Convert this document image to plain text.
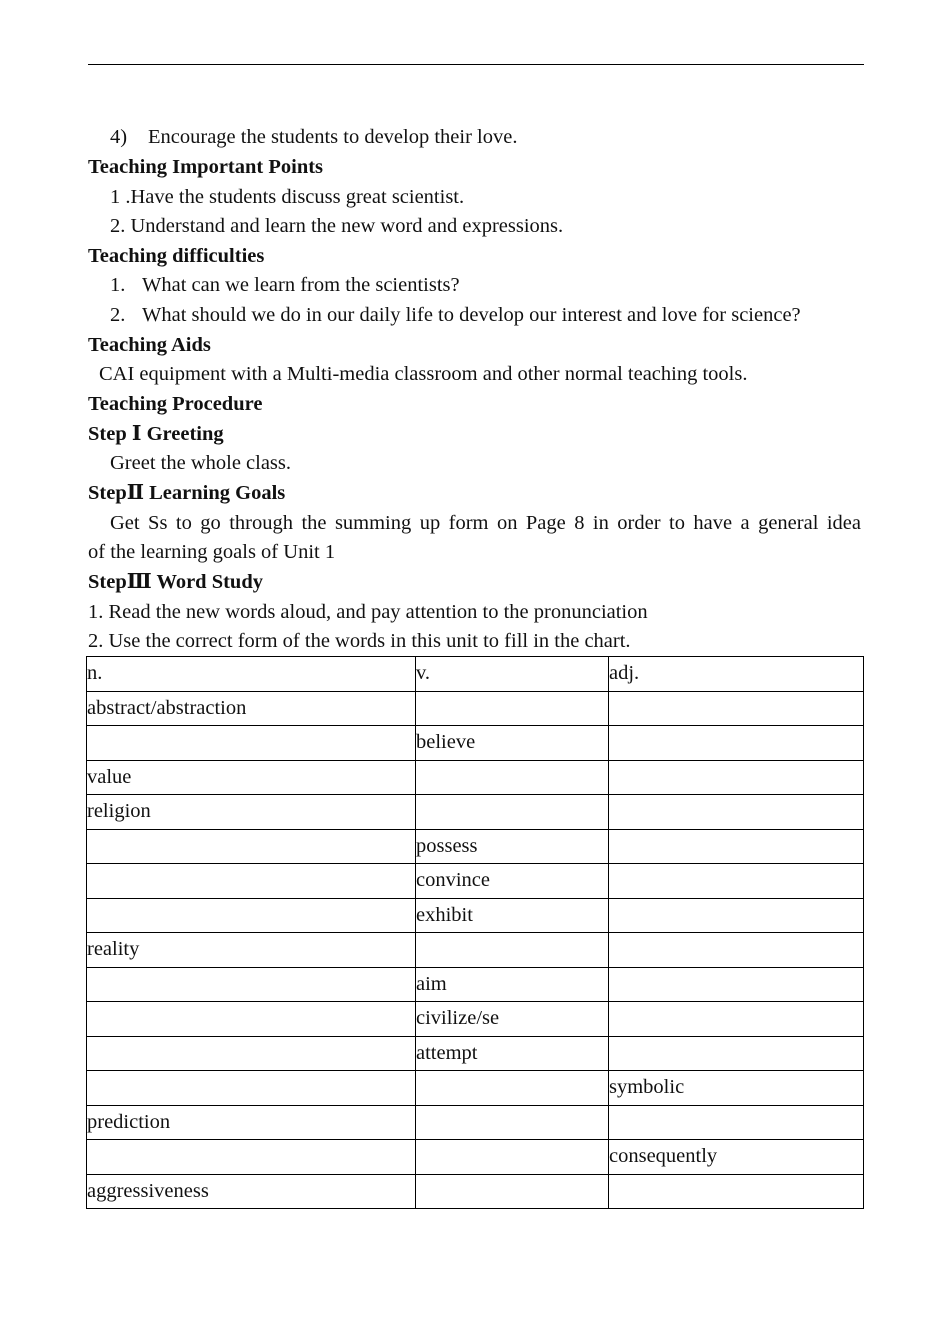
4) Encourage the students to develop their love.
Teaching Important Points
1 .Have the students discuss great scientist.
2. Understand and learn the new word and expressions.
Teaching difficulties
1. What can we learn from the scientists?
2. What should we do in our daily life to develop our interest and love for science?
Teaching Aids
CAI equipment with a Multi-media classroom and other normal teaching tools.
Teaching Procedure
Step Ⅰ Greeting
Greet the whole class.
StepⅡ Learning Goals
Get Ss to go through the summing up form on Page 8 in order to have a general idea
of the learning goals of Unit 1
StepⅢ Word Study
1. Read the new words aloud, and pay attention to the pronunciation
2. Use the correct form of the words in this unit to fill in the chart.
n.	v.	adj.
abstract/abstraction		
	believe	
value		
religion		
	possess	
	convince	
	exhibit	
reality		
	aim	
	civilize/se	
	attempt	
		symbolic
prediction		
		consequently
aggressiveness		
